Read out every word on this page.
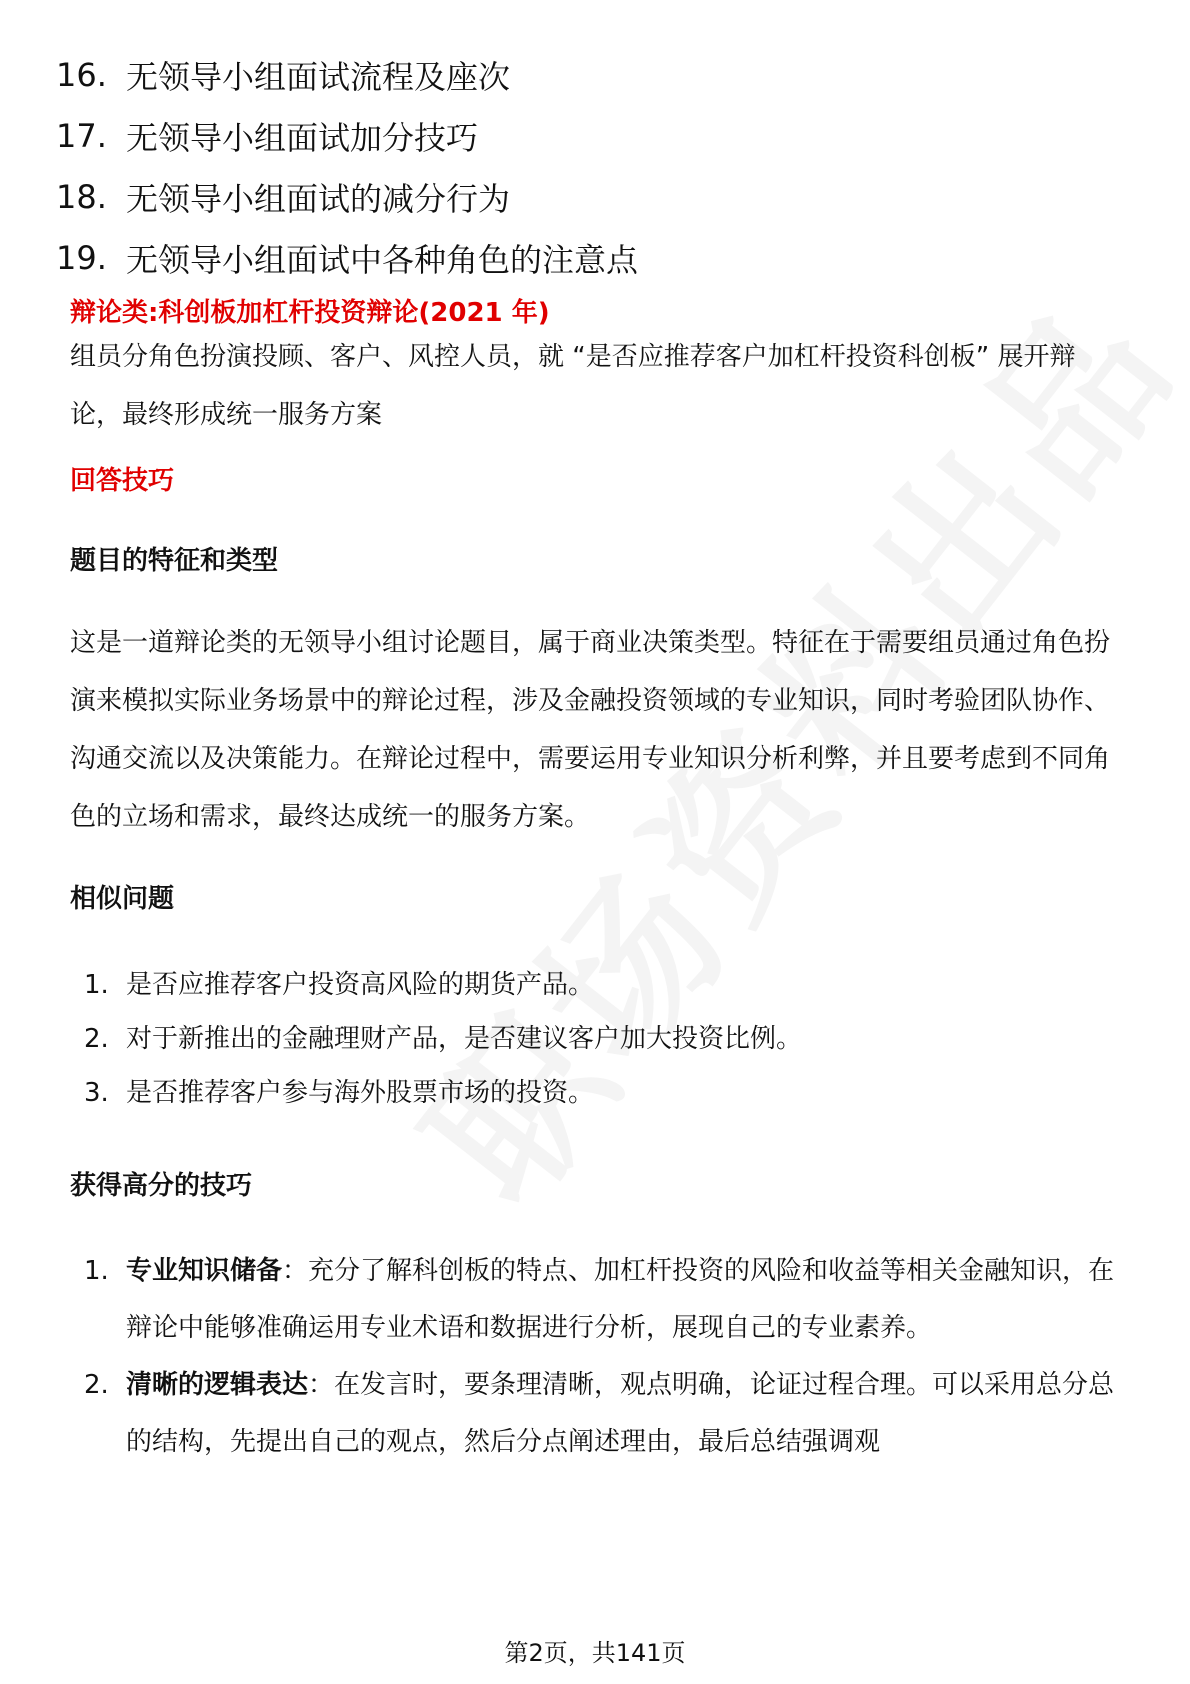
16. 无领导小组面试流程及座次
17. 无领导小组面试加分技巧
18. 无领导小组面试的减分行为
19. 无领导小组面试中各种角色的注意点
辩论类:科创板加杠杆投资辩论(2021 年)
组员分角色扮演投顾、客户、风控人员，就 “是否应推荐客户加杠杆投资科创板” 展开辩论，最终形成统一服务方案
回答技巧
题目的特征和类型
这是一道辩论类的无领导小组讨论题目，属于商业决策类型。特征在于需要组员通过角色扮演来模拟实际业务场景中的辩论过程，涉及金融投资领域的专业知识，同时考验团队协作、沟通交流以及决策能力。在辩论过程中，需要运用专业知识分析利弊，并且要考虑到不同角色的立场和需求，最终达成统一的服务方案。
相似问题
1. 是否应推荐客户投资高风险的期货产品。
2. 对于新推出的金融理财产品，是否建议客户加大投资比例。
3. 是否推荐客户参与海外股票市场的投资。
获得高分的技巧
1. 专业知识储备：充分了解科创板的特点、加杠杆投资的风险和收益等相关金融知识，在辩论中能够准确运用专业术语和数据进行分析，展现自己的专业素养。
2. 清晰的逻辑表达：在发言时，要条理清晰，观点明确，论证过程合理。可以采用总分总的结构，先提出自己的观点，然后分点阐述理由，最后总结强调观
第2页，共141页
